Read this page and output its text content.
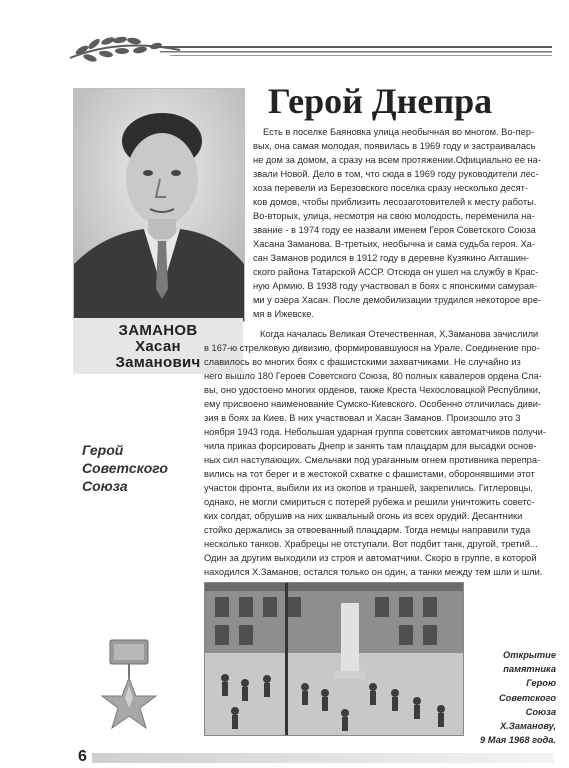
ЗАМАНОВ
Хасан
Заманович
Герой
Советского
Союза
Герой Днепра
Есть в поселке Баяновка улица необычная во многом. Во-пер-
вых, она самая молодая, появилась в 1969 году и застраивалась
не дом за домом, а сразу на всем протяжении.Официально ее на-
звали Новой. Дело в том, что сюда в 1969 году руководители лес-
хоза перевели из Березовского поселка сразу несколько десят-
ков домов, чтобы приблизить лесозаготовителей к месту работы.
Во-вторых, улица, несмотря на свою молодость, переменила на-
звание - в 1974 году ее назвали именем Героя Советского Союза
Хасана Заманова. В-третьих, необычна и сама судьба героя. Ха-
сан Заманов родился в 1912 году в деревне Кузякино Акташин-
ского района Татарской АССР. Отсюда он ушел на службу в Крас-
ную Армию. В 1938 году участвовал в боях с японскими самурая-
ми у озера Хасан. После демобилизации трудился некоторое вре-
мя в Ижевске.
Когда началась Великая Отечественная, Х.Заманова зачислили
в 167-ю стрелковую дивизию, формировавшуюся на Урале. Соединение про-
славилось во многих боях с фашистскими захватчиками. Не случайно из
него вышло 180 Героев Советского Союза, 80 полных кавалеров ордена Сла-
вы, оно удостоено многих орденов, также Креста Чехословацкой Республики,
ему присвоено наименование Сумско-Киевского. Особенно отличилась диви-
зия в боях за Киев. В них участвовал и Хасан Заманов. Произошло это 3
ноября 1943 года. Небольшая ударная группа советских автоматчиков получи-
чила приказ форсировать Днепр и занять там плацдарм для высадки основ-
ных сил наступающих. Смельчаки под ураганным огнем противника перепра-
вились на тот берег и в жестокой схватке с фашистами, оборонявшими этот
участок фронта, выбили их из окопов и траншей, закрепились. Гитлеровцы,
однако, не могли смириться с потерей рубежа и решили уничтожить советс-
ких солдат, обрушив на них шквальный огонь из всех орудий. Десантники
стойко держались за отвоеванный плацдарм. Тогда немцы направили туда
несколько танков. Храбрецы не отступали. Вот подбит танк, другой, третий...
Один за другим выходили из строя и автоматчики. Скоро в группе, в которой
находился Х.Заманов, остался только он один, а танки между тем шли и шли.
Открытие
памятника
Герою
Советского
Союза
Х.Заманову,
9 Мая 1968 года.
6
